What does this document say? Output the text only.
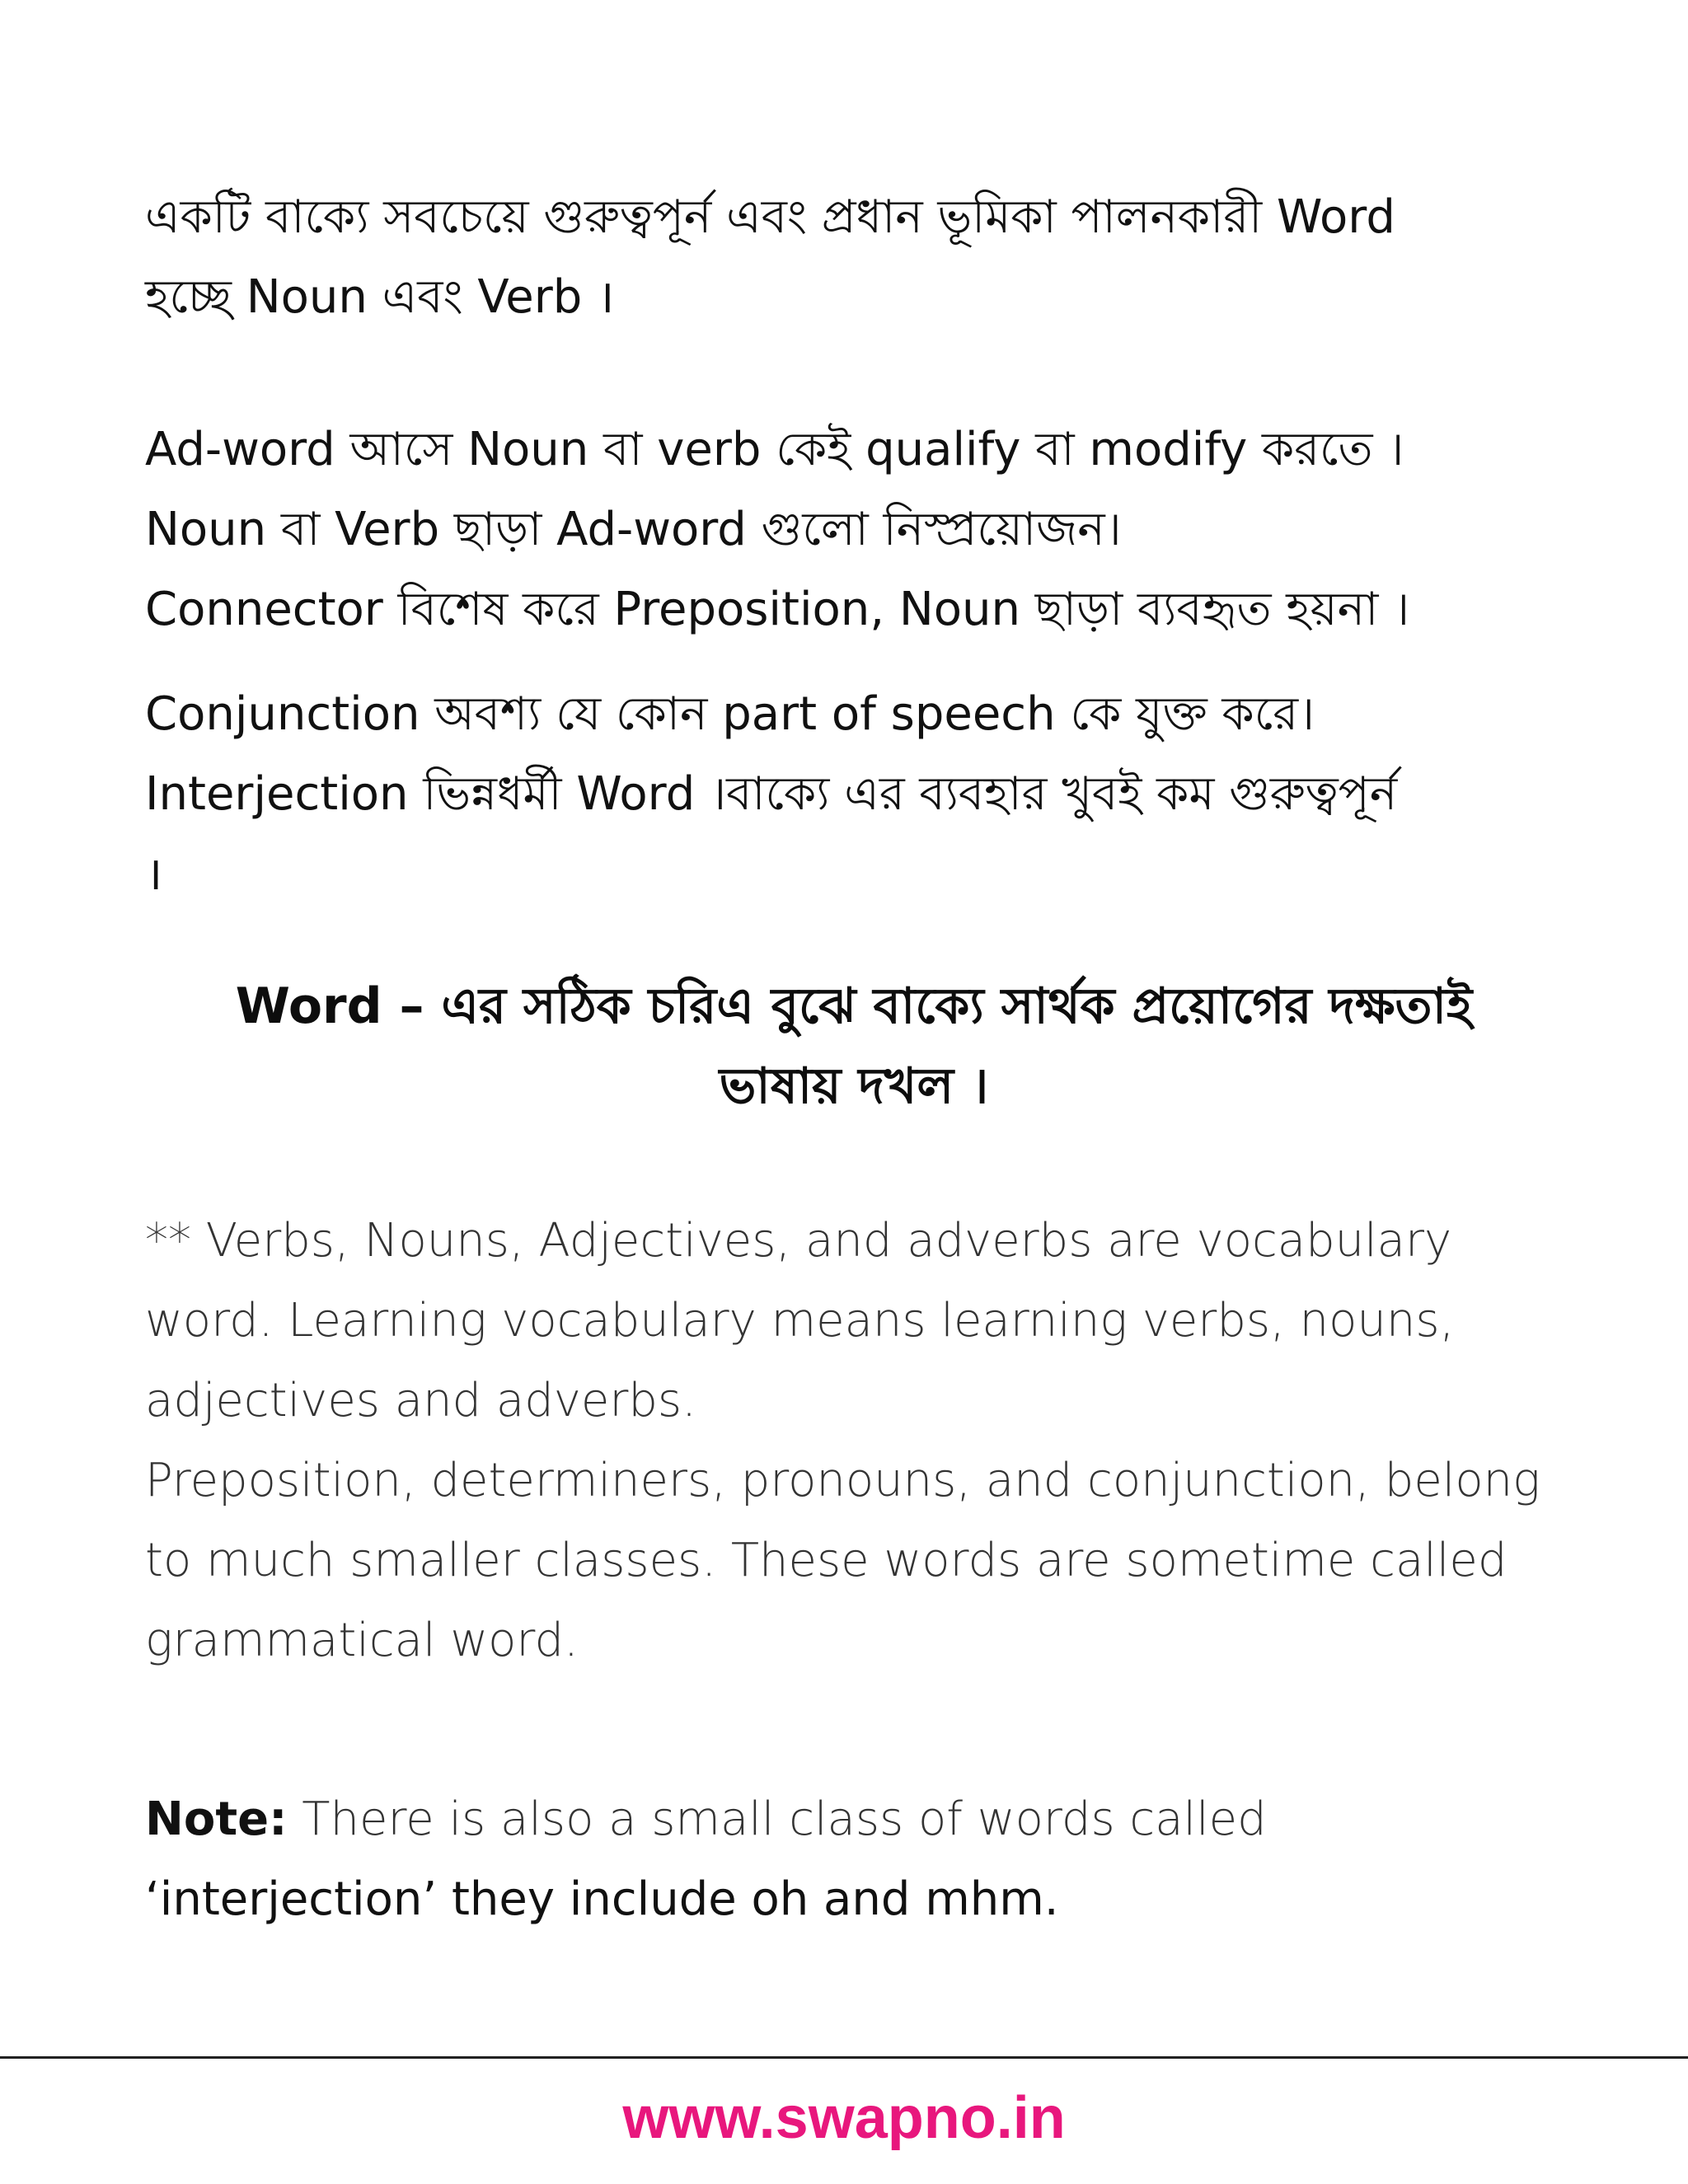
একটি বাক্যে সবচেয়ে গুরুত্বপূর্ন এবং প্রধান ভূমিকা পালনকারী Word
হচ্ছে Noun এবং Verb ।

Ad-word আসে Noun বা verb কেই qualify বা modify করতে ।
Noun বা Verb ছাড়া Ad-word গুলো নিস্প্রয়োজন।
Connector বিশেষ করে Preposition, Noun ছাড়া ব্যবহৃত হয়না ।

Conjunction অবশ্য যে কোন part of speech কে যুক্ত করে।
Interjection ভিন্নধর্মী Word ।বাক্যে এর ব্যবহার খুবই কম গুরুত্বপূর্ন
।

Word – এর সঠিক চরিএ বুঝে বাক্যে সার্থক প্রয়োগের দক্ষতাই
ভাষায় দখল ।

** Verbs, Nouns, Adjectives, and adverbs are vocabulary
word. Learning vocabulary means learning verbs, nouns,
adjectives and adverbs.
Preposition, determiners, pronouns, and conjunction, belong
to much smaller classes. These words are sometime called
grammatical word.

Note: There is also a small class of words called
‘interjection’ they include oh and mhm.

www.swapno.in
